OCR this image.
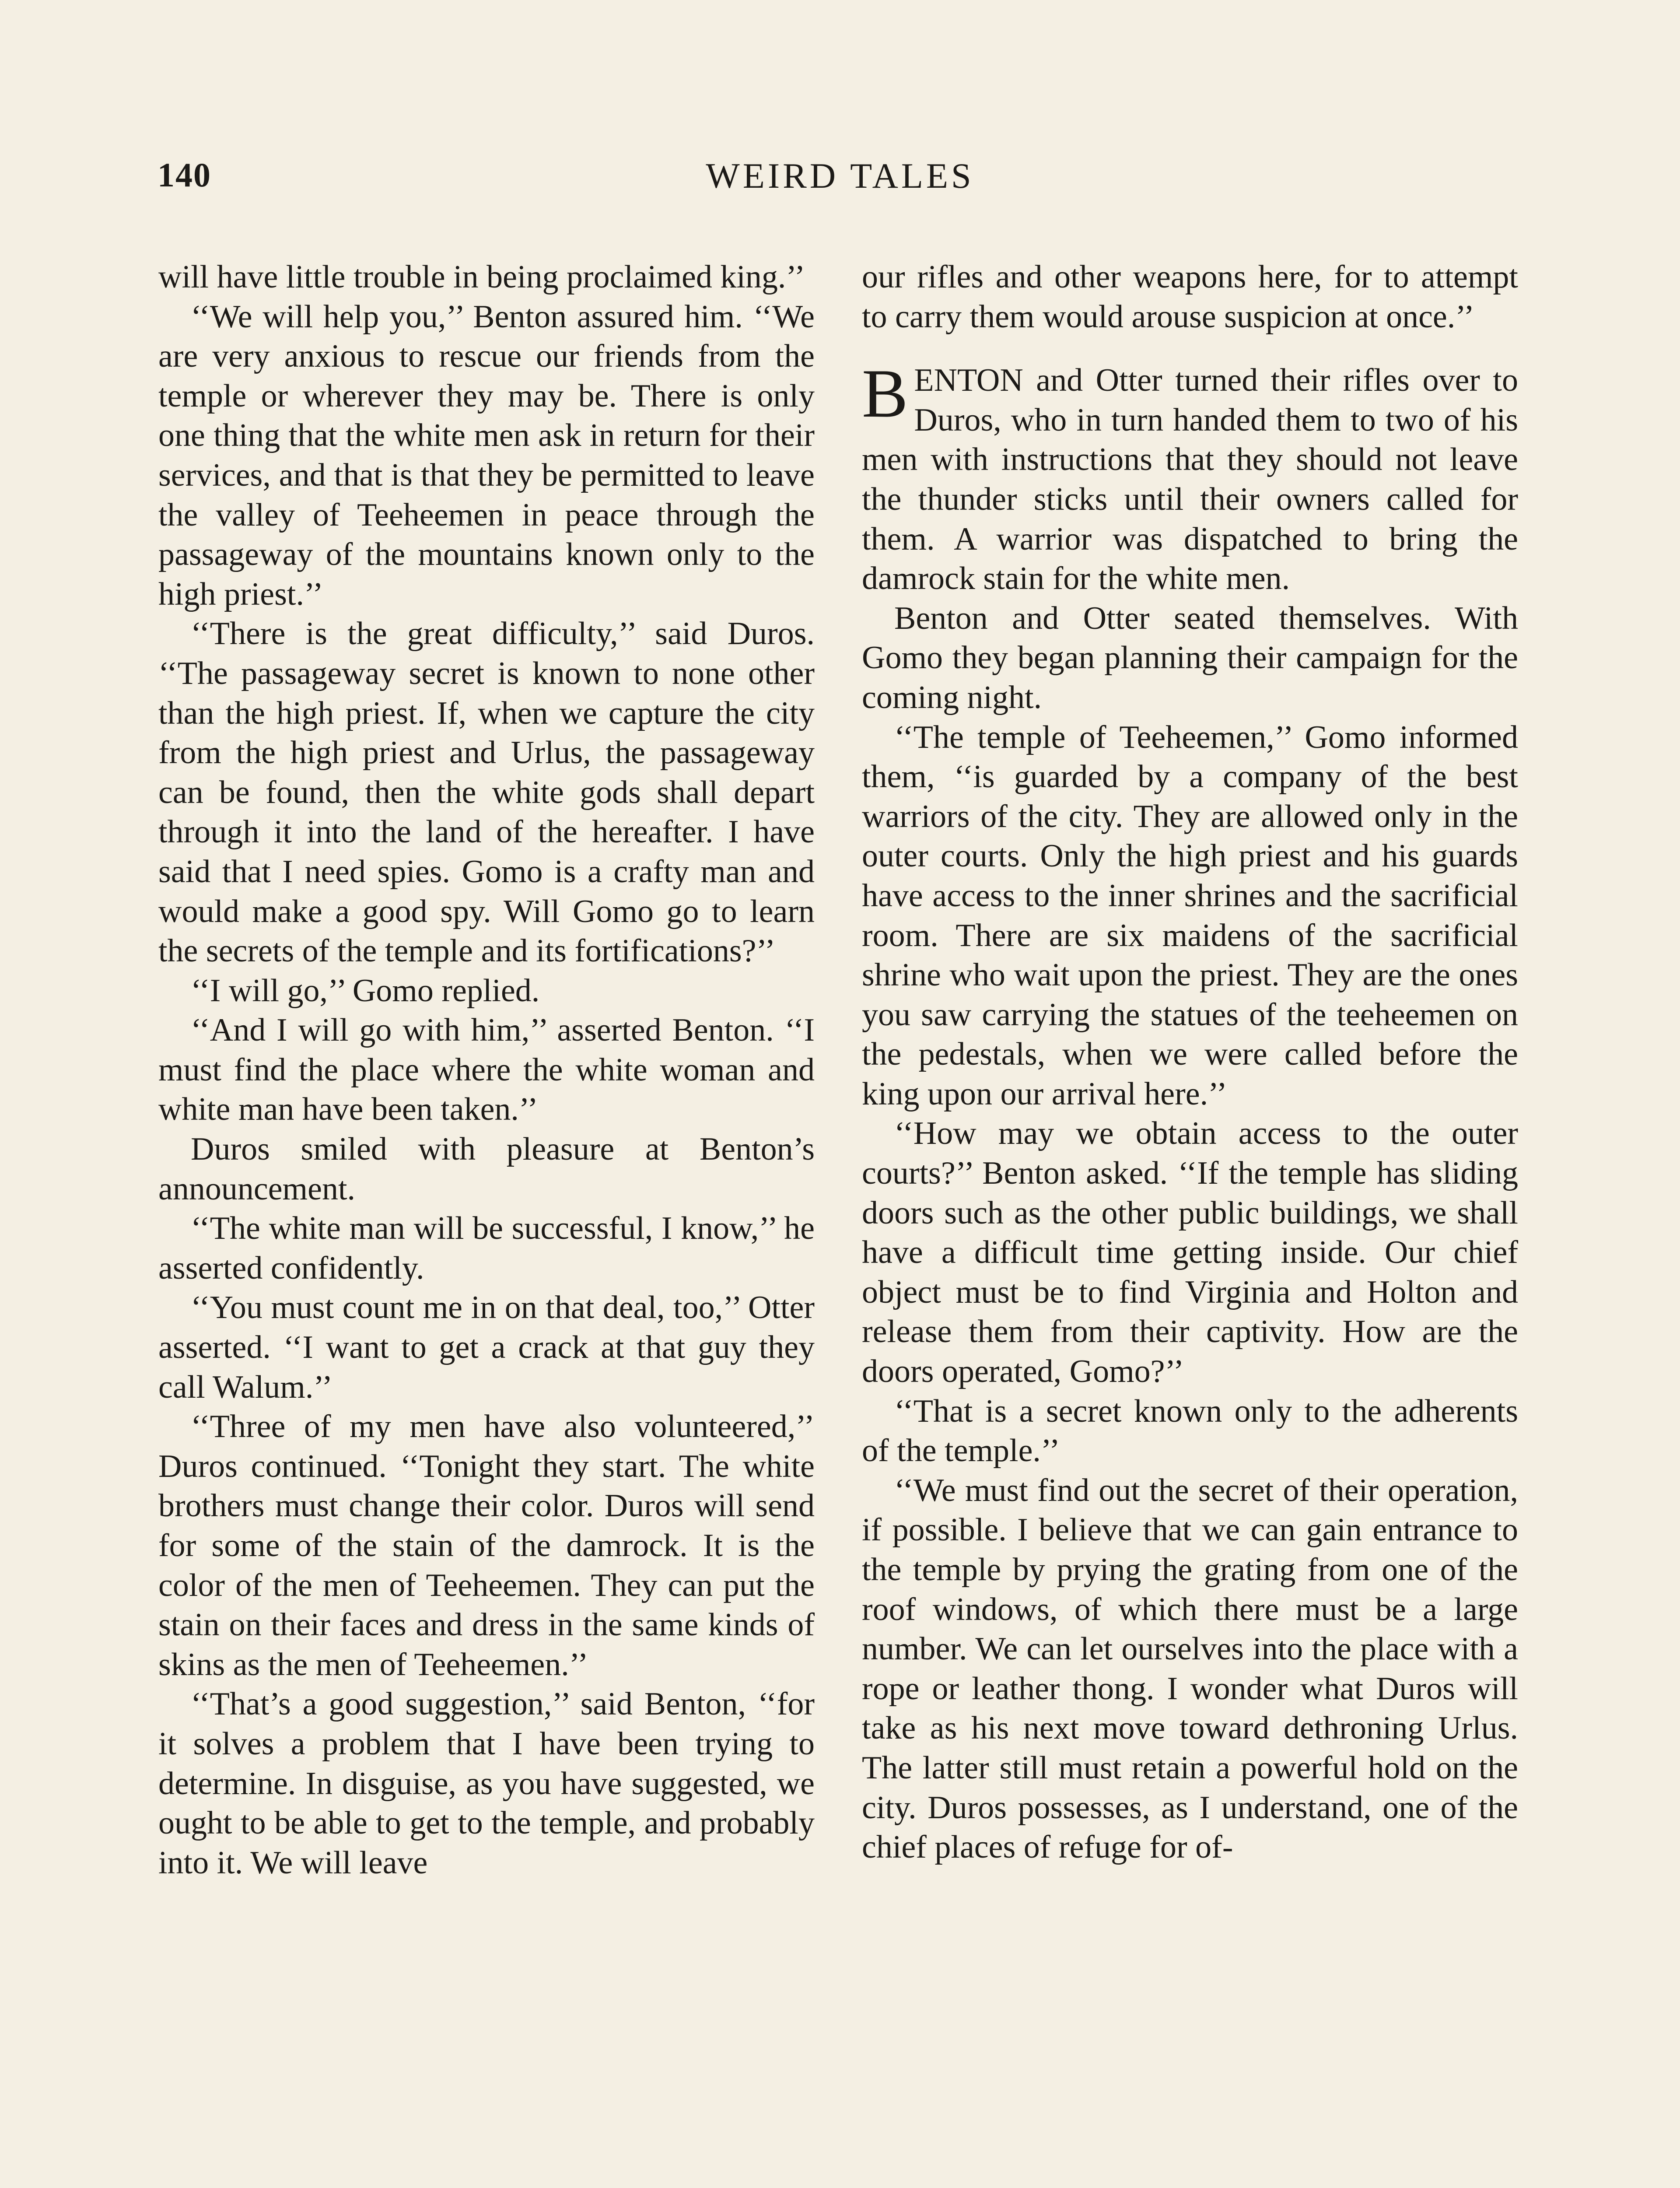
140	WEIRD TALES

will have little trouble in being proclaimed king.’’

‘‘We will help you,’’ Benton assured him. ‘‘We are very anxious to rescue our friends from the temple or wherever they may be. There is only one thing that the white men ask in return for their services, and that is that they be permitted to leave the valley of Teeheemen in peace through the passageway of the mountains known only to the high priest.’’

‘‘There is the great difficulty,’’ said Duros. ‘‘The passageway secret is known to none other than the high priest. If, when we capture the city from the high priest and Urlus, the passageway can be found, then the white gods shall depart through it into the land of the hereafter. I have said that I need spies. Gomo is a crafty man and would make a good spy. Will Gomo go to learn the secrets of the temple and its fortifications?’’

‘‘I will go,’’ Gomo replied.

‘‘And I will go with him,’’ asserted Benton. ‘‘I must find the place where the white woman and white man have been taken.’’

Duros smiled with pleasure at Benton’s announcement.

‘‘The white man will be successful, I know,’’ he asserted confidently.

‘‘You must count me in on that deal, too,’’ Otter asserted. ‘‘I want to get a crack at that guy they call Walum.’’

‘‘Three of my men have also volunteered,’’ Duros continued. ‘‘Tonight they start. The white brothers must change their color. Duros will send for some of the stain of the damrock. It is the color of the men of Teeheemen. They can put the stain on their faces and dress in the same kinds of skins as the men of Teeheemen.’’

‘‘That’s a good suggestion,’’ said Benton, ‘‘for it solves a problem that I have been trying to determine. In disguise, as you have suggested, we ought to be able to get to the temple, and probably into it. We will leave

our rifles and other weapons here, for to attempt to carry them would arouse suspicion at once.’’

BENTON and Otter turned their rifles over to Duros, who in turn handed them to two of his men with instructions that they should not leave the thunder sticks until their owners called for them. A warrior was dispatched to bring the damrock stain for the white men.

Benton and Otter seated themselves. With Gomo they began planning their campaign for the coming night.

‘‘The temple of Teeheemen,’’ Gomo informed them, ‘‘is guarded by a company of the best warriors of the city. They are allowed only in the outer courts. Only the high priest and his guards have access to the inner shrines and the sacrificial room. There are six maidens of the sacrificial shrine who wait upon the priest. They are the ones you saw carrying the statues of the teeheemen on the pedestals, when we were called before the king upon our arrival here.’’

‘‘How may we obtain access to the outer courts?’’ Benton asked. ‘‘If the temple has sliding doors such as the other public buildings, we shall have a difficult time getting inside. Our chief object must be to find Virginia and Holton and release them from their captivity. How are the doors operated, Gomo?’’

‘‘That is a secret known only to the adherents of the temple.’’

‘‘We must find out the secret of their operation, if possible. I believe that we can gain entrance to the temple by prying the grating from one of the roof windows, of which there must be a large number. We can let ourselves into the place with a rope or leather thong. I wonder what Duros will take as his next move toward dethroning Urlus. The latter still must retain a powerful hold on the city. Duros possesses, as I understand, one of the chief places of refuge for of-
